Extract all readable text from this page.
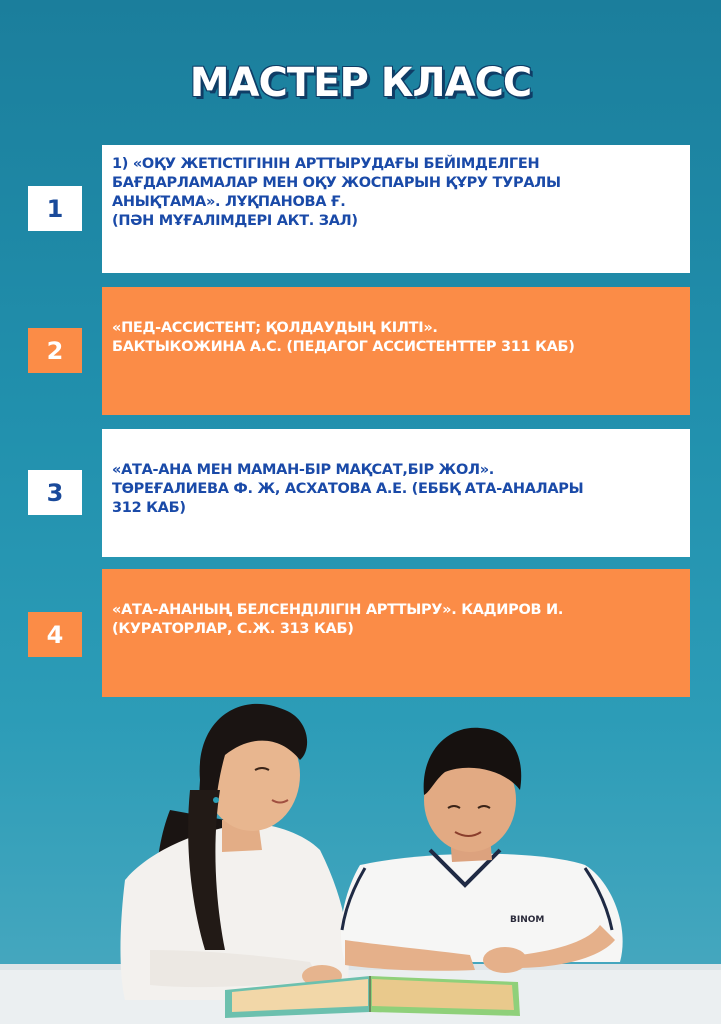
МАСТЕР КЛАСС
1
1) «ОҚУ ЖЕТІСТІГІНІН АРТТЫРУДАҒЫ БЕЙІМДЕЛГЕН
БАҒДАРЛАМАЛАР МЕН ОҚУ ЖОСПАРЫН ҚҰРУ ТУРАЛЫ
АНЫҚТАМА». ЛҰҚПАНОВА Ғ.
(ПӘН МҰҒАЛІМДЕРІ АКТ. ЗАЛ)
2
«ПЕД-АССИСТЕНТ; ҚОЛДАУДЫҢ КІЛТІ».
БАКТЫКОЖИНА А.С. (ПЕДАГОГ АССИСТЕНТТЕР 311 КАБ)
3
«АТА-АНА МЕН МАМАН-БІР МАҚСАТ,БІР ЖОЛ».
ТӨРЕҒАЛИЕВА Ф. Ж, АСХАТОВА А.Е. (ЕББҚ АТА-АНАЛАРЫ
312 КАБ)
4
«АТА-АНАНЫҢ БЕЛСЕНДІЛІГІН АРТТЫРУ». КАДИРОВ И.
(КУРАТОРЛАР, С.Ж. 313 КАБ)
BINOM
